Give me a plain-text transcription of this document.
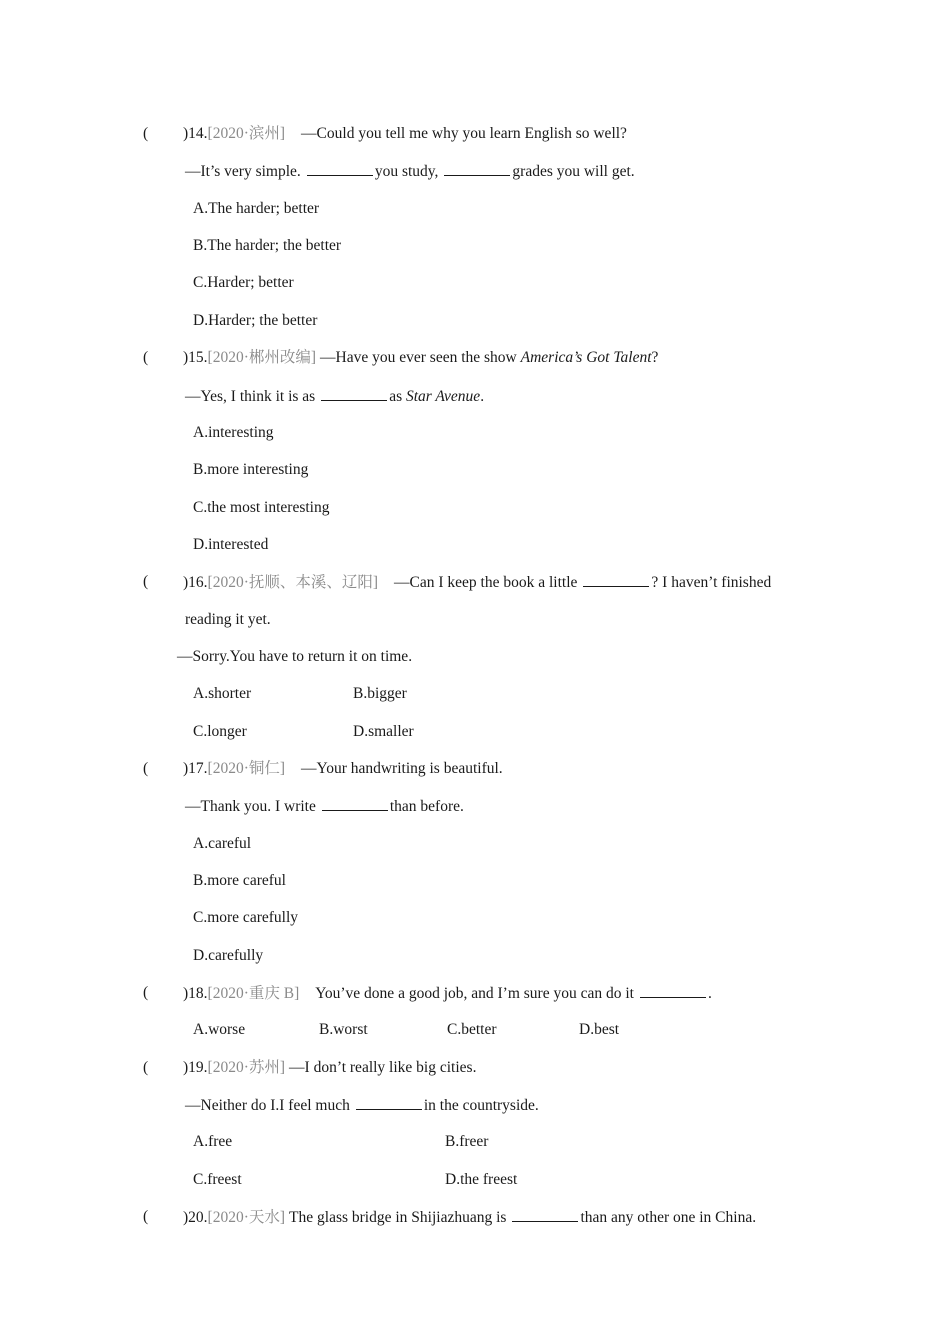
( )14.[2020·滨州] —Could you tell me why you learn English so well?
—It’s very simple.	you study,	grades you will get.
A.The harder; better
B.The harder; the better
C.Harder; better
D.Harder; the better
( )15.[2020·郴州改编] —Have you ever seen the show America’s Got Talent?
—Yes, I think it is as	as Star Avenue.
A.interesting
B.more interesting
C.the most interesting
D.interested
( )16.[2020·抚顺、本溪、辽阳] —Can I keep the book a little	? I haven’t finished
reading it yet.
—Sorry.You have to return it on time.
A.shorter	B.bigger
C.longer	D.smaller
( )17.[2020·铜仁] —Your handwriting is beautiful.
—Thank you. I write	than before.
A.careful
B.more careful
C.more carefully
D.carefully
( )18.[2020·重庆 B] You’ve done a good job, and I’m sure you can do it	.
A.worse	B.worst	C.better	D.best
( )19.[2020·苏州] —I don’t really like big cities.
—Neither do I.I feel much	in the countryside.
A.free	B.freer
C.freest	D.the freest
( )20.[2020·天水] The glass bridge in Shijiazhuang is	than any other one in China.
